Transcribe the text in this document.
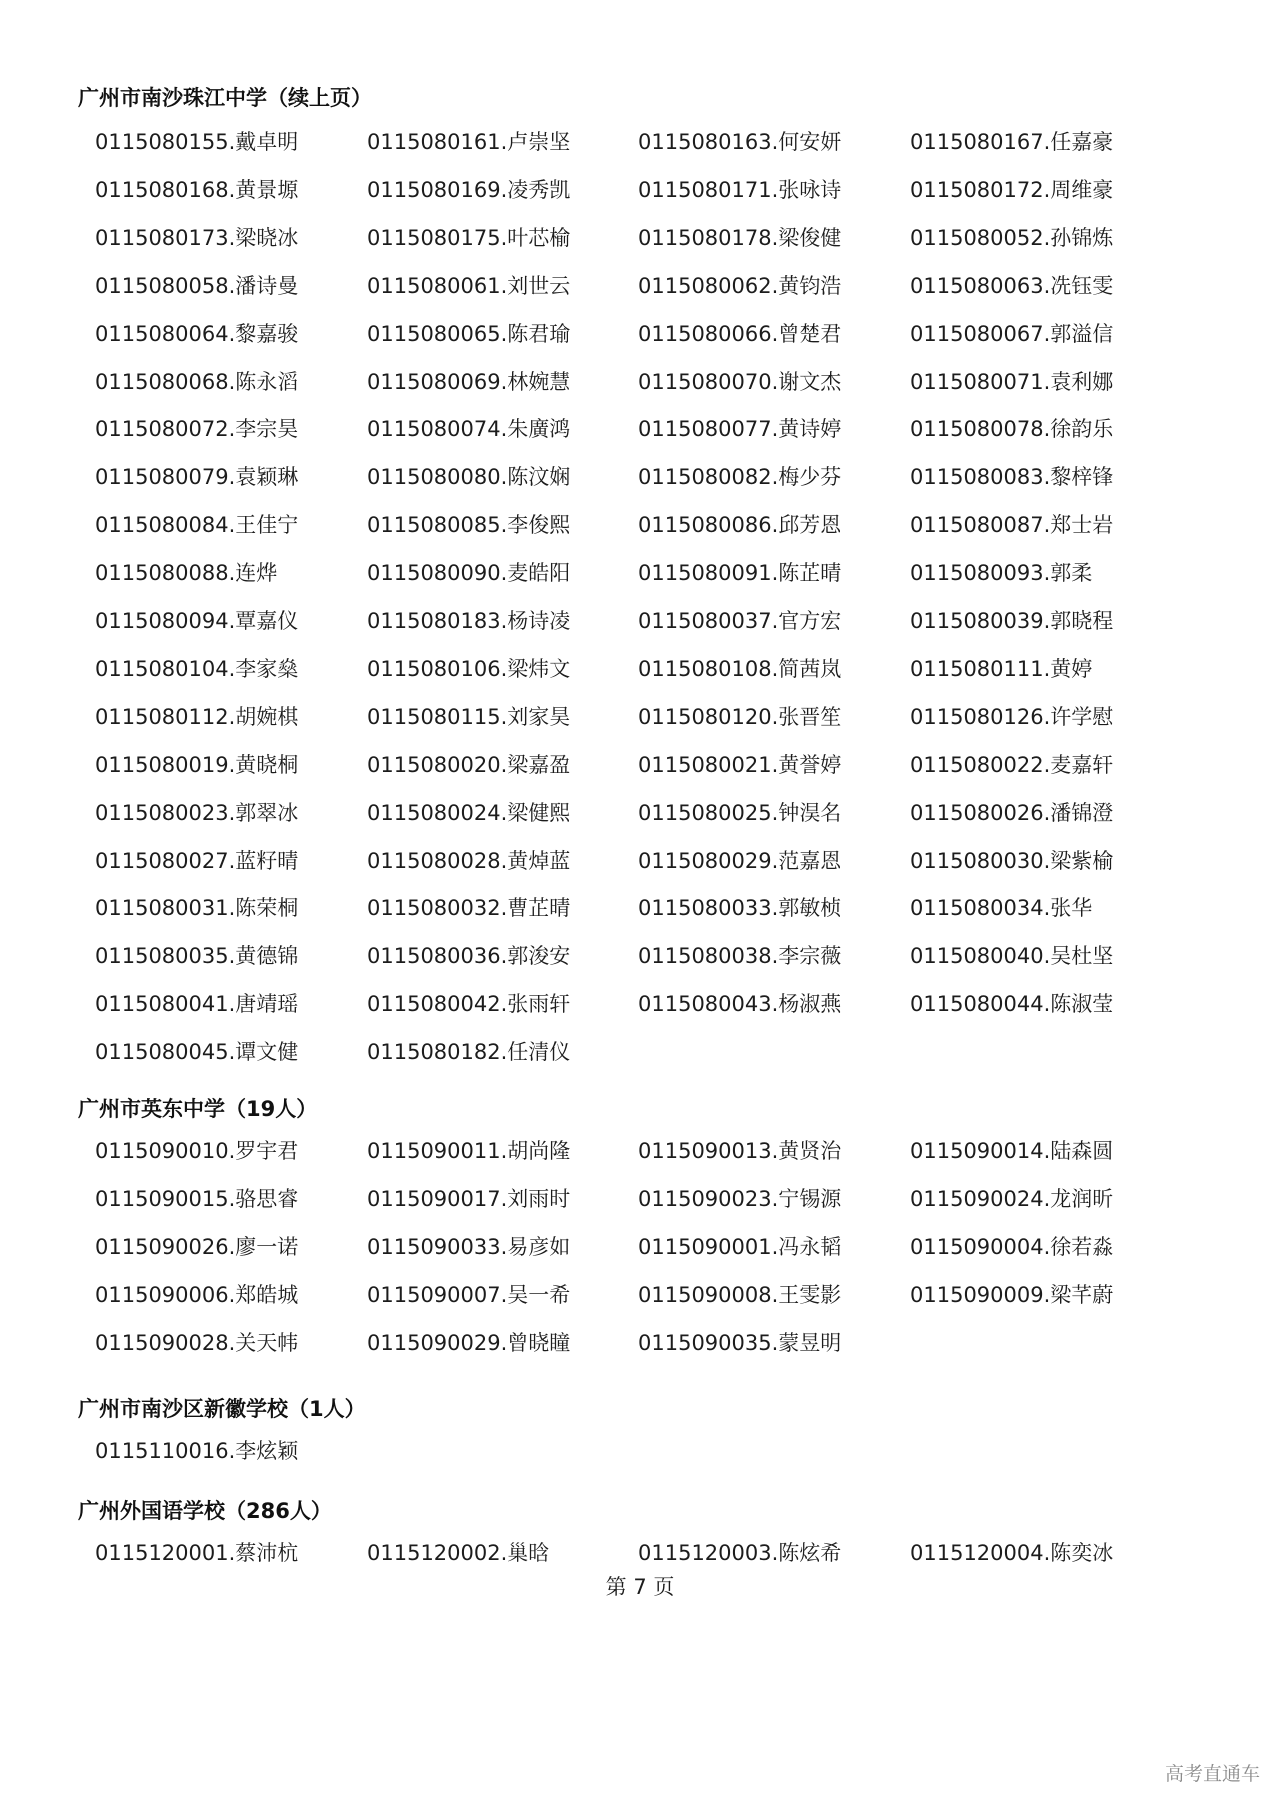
广州市南沙珠江中学（续上页）
0115080155.戴卓明	0115080161.卢崇坚	0115080163.何安妍	0115080167.任嘉豪
0115080168.黄景塬	0115080169.凌秀凯	0115080171.张咏诗	0115080172.周维豪
0115080173.梁晓冰	0115080175.叶芯榆	0115080178.梁俊健	0115080052.孙锦炼
0115080058.潘诗曼	0115080061.刘世云	0115080062.黄钧浩	0115080063.冼钰雯
0115080064.黎嘉骏	0115080065.陈君瑜	0115080066.曾楚君	0115080067.郭溢信
0115080068.陈永滔	0115080069.林婉慧	0115080070.谢文杰	0115080071.袁利娜
0115080072.李宗昊	0115080074.朱廣鸿	0115080077.黄诗婷	0115080078.徐韵乐
0115080079.袁颖琳	0115080080.陈汶娴	0115080082.梅少芬	0115080083.黎梓锋
0115080084.王佳宁	0115080085.李俊熙	0115080086.邱芳恩	0115080087.郑士岩
0115080088.连烨	0115080090.麦皓阳	0115080091.陈芷晴	0115080093.郭柔
0115080094.覃嘉仪	0115080183.杨诗凌	0115080037.官方宏	0115080039.郭晓程
0115080104.李家燊	0115080106.梁炜文	0115080108.简茜岚	0115080111.黄婷
0115080112.胡婉棋	0115080115.刘家昊	0115080120.张晋笙	0115080126.许学慰
0115080019.黄晓桐	0115080020.梁嘉盈	0115080021.黄誉婷	0115080022.麦嘉轩
0115080023.郭翠冰	0115080024.梁健熙	0115080025.钟淏名	0115080026.潘锦澄
0115080027.蓝籽晴	0115080028.黄焯蓝	0115080029.范嘉恩	0115080030.梁紫榆
0115080031.陈荣桐	0115080032.曹芷晴	0115080033.郭敏桢	0115080034.张华
0115080035.黄德锦	0115080036.郭浚安	0115080038.李宗薇	0115080040.吴杜坚
0115080041.唐靖瑶	0115080042.张雨轩	0115080043.杨淑燕	0115080044.陈淑莹
0115080045.谭文健	0115080182.任清仪
广州市英东中学（19人）
0115090010.罗宇君	0115090011.胡尚隆	0115090013.黄贤治	0115090014.陆森圆
0115090015.骆思睿	0115090017.刘雨时	0115090023.宁锡源	0115090024.龙润昕
0115090026.廖一诺	0115090033.易彦如	0115090001.冯永韬	0115090004.徐若淼
0115090006.郑皓城	0115090007.吴一希	0115090008.王雯影	0115090009.梁芊蔚
0115090028.关天帏	0115090029.曾晓瞳	0115090035.蒙昱明
广州市南沙区新徽学校（1人）
0115110016.李炫颖
广州外国语学校（286人）
0115120001.蔡沛杭	0115120002.巢晗	0115120003.陈炫希	0115120004.陈奕冰
第 7 页
高考直通车
